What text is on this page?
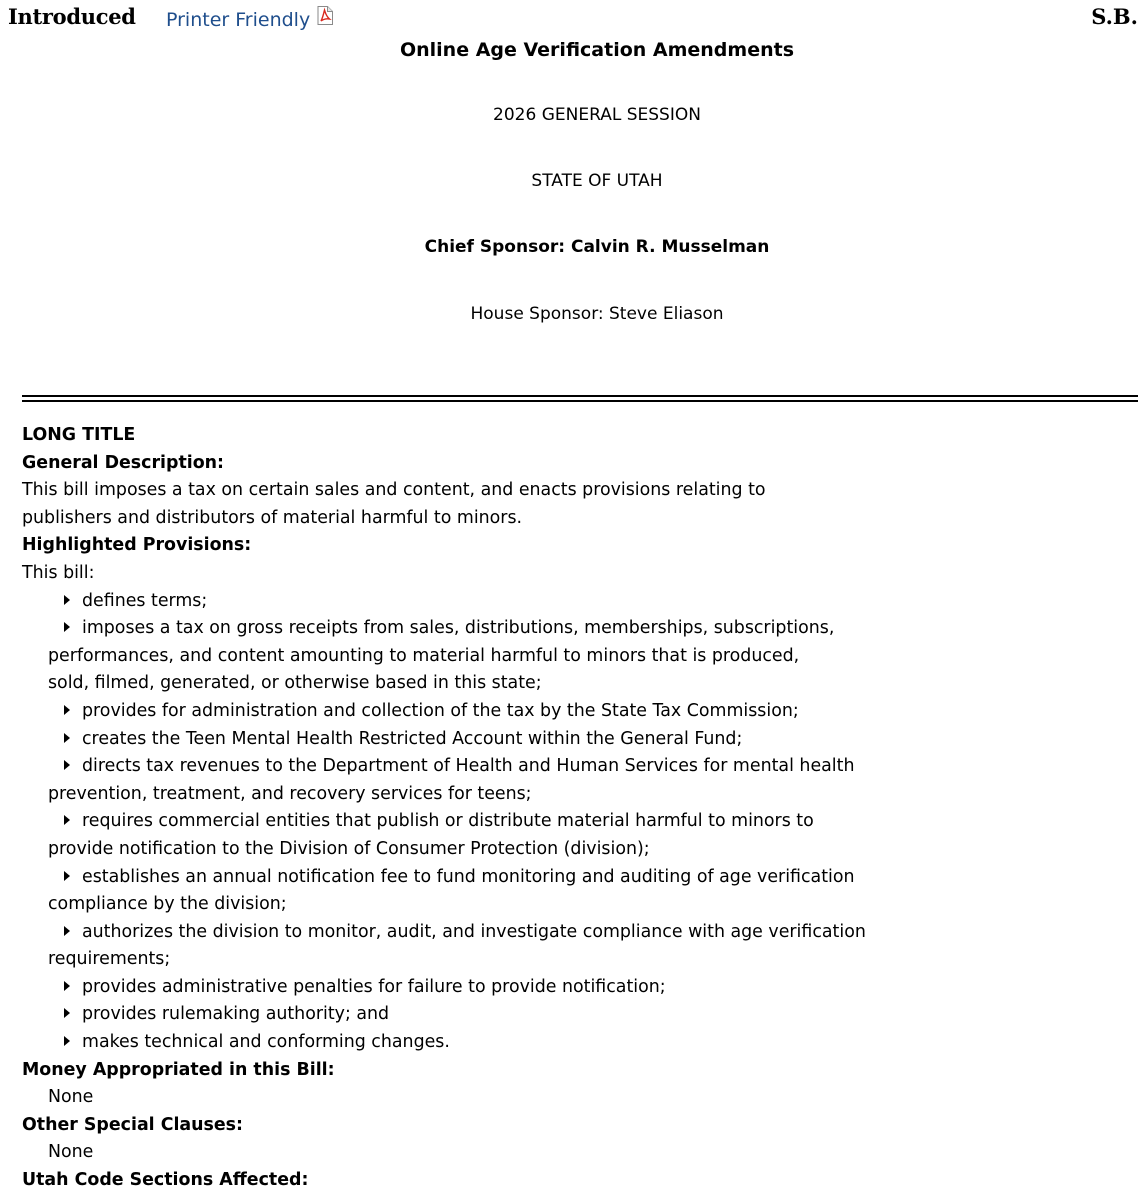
Introduced Printer Friendly	S.B.
Online Age Verification Amendments
2026 GENERAL SESSION
STATE OF UTAH
Chief Sponsor: Calvin R. Musselman
House Sponsor: Steve Eliason
LONG TITLE
General Description:
This bill imposes a tax on certain sales and content, and enacts provisions relating to
publishers and distributors of material harmful to minors.
Highlighted Provisions:
This bill:
defines terms;
imposes a tax on gross receipts from sales, distributions, memberships, subscriptions,
performances, and content amounting to material harmful to minors that is produced,
sold, filmed, generated, or otherwise based in this state;
provides for administration and collection of the tax by the State Tax Commission;
creates the Teen Mental Health Restricted Account within the General Fund;
directs tax revenues to the Department of Health and Human Services for mental health
prevention, treatment, and recovery services for teens;
requires commercial entities that publish or distribute material harmful to minors to
provide notification to the Division of Consumer Protection (division);
establishes an annual notification fee to fund monitoring and auditing of age verification
compliance by the division;
authorizes the division to monitor, audit, and investigate compliance with age verification
requirements;
provides administrative penalties for failure to provide notification;
provides rulemaking authority; and
makes technical and conforming changes.
Money Appropriated in this Bill:
None
Other Special Clauses:
None
Utah Code Sections Affected:
